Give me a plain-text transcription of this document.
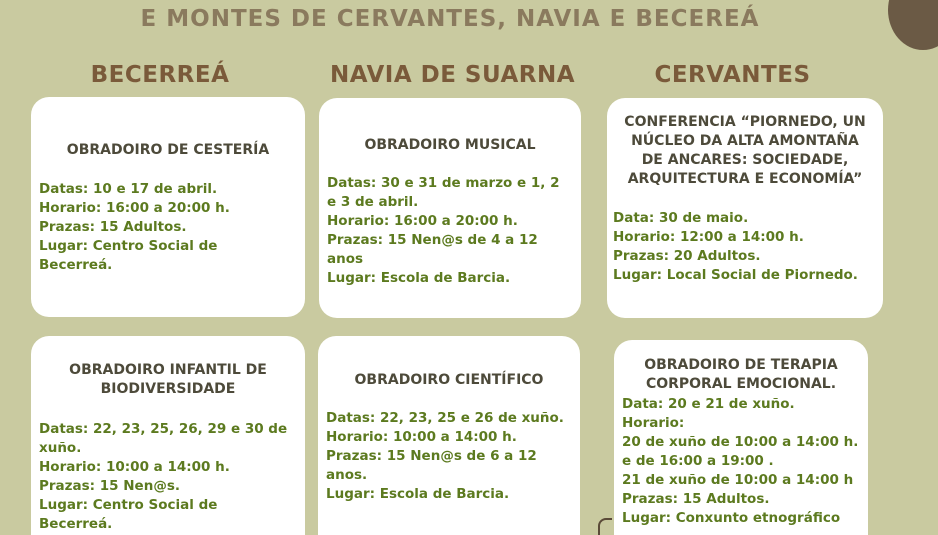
E MONTES DE CERVANTES, NAVIA E BECEREÁ
BECERREÁ	NAVIA DE SUARNA	CERVANTES
OBRADOIRO DE CESTERÍA
Datas: 10 e 17 de abril.
Horario: 16:00 a 20:00 h.
Prazas: 15 Adultos.
Lugar: Centro Social de
Becerreá.
OBRADOIRO MUSICAL
Datas: 30 e 31 de marzo e 1, 2
e 3 de abril.
Horario: 16:00 a 20:00 h.
Prazas: 15 Nen@s de 4 a 12
anos
Lugar: Escola de Barcia.
CONFERENCIA “PIORNEDO, UN
NÚCLEO DA ALTA AMONTAÑA
DE ANCARES: SOCIEDADE,
ARQUITECTURA E ECONOMÍA”
Data: 30 de maio.
Horario: 12:00 a 14:00 h.
Prazas: 20 Adultos.
Lugar: Local Social de Piornedo.
OBRADOIRO INFANTIL DE
BIODIVERSIDADE
Datas: 22, 23, 25, 26, 29 e 30 de
xuño.
Horario: 10:00 a 14:00 h.
Prazas: 15 Nen@s.
Lugar: Centro Social de
Becerreá.
OBRADOIRO CIENTÍFICO
Datas: 22, 23, 25 e 26 de xuño.
Horario: 10:00 a 14:00 h.
Prazas: 15 Nen@s de 6 a 12
anos.
Lugar: Escola de Barcia.
OBRADOIRO DE TERAPIA
CORPORAL EMOCIONAL.
Data: 20 e 21 de xuño.
Horario:
20 de xuño de 10:00 a 14:00 h.
e de 16:00 a 19:00 .
21 de xuño de 10:00 a 14:00 h
Prazas: 15 Adultos.
Lugar: Conxunto etnográfico
